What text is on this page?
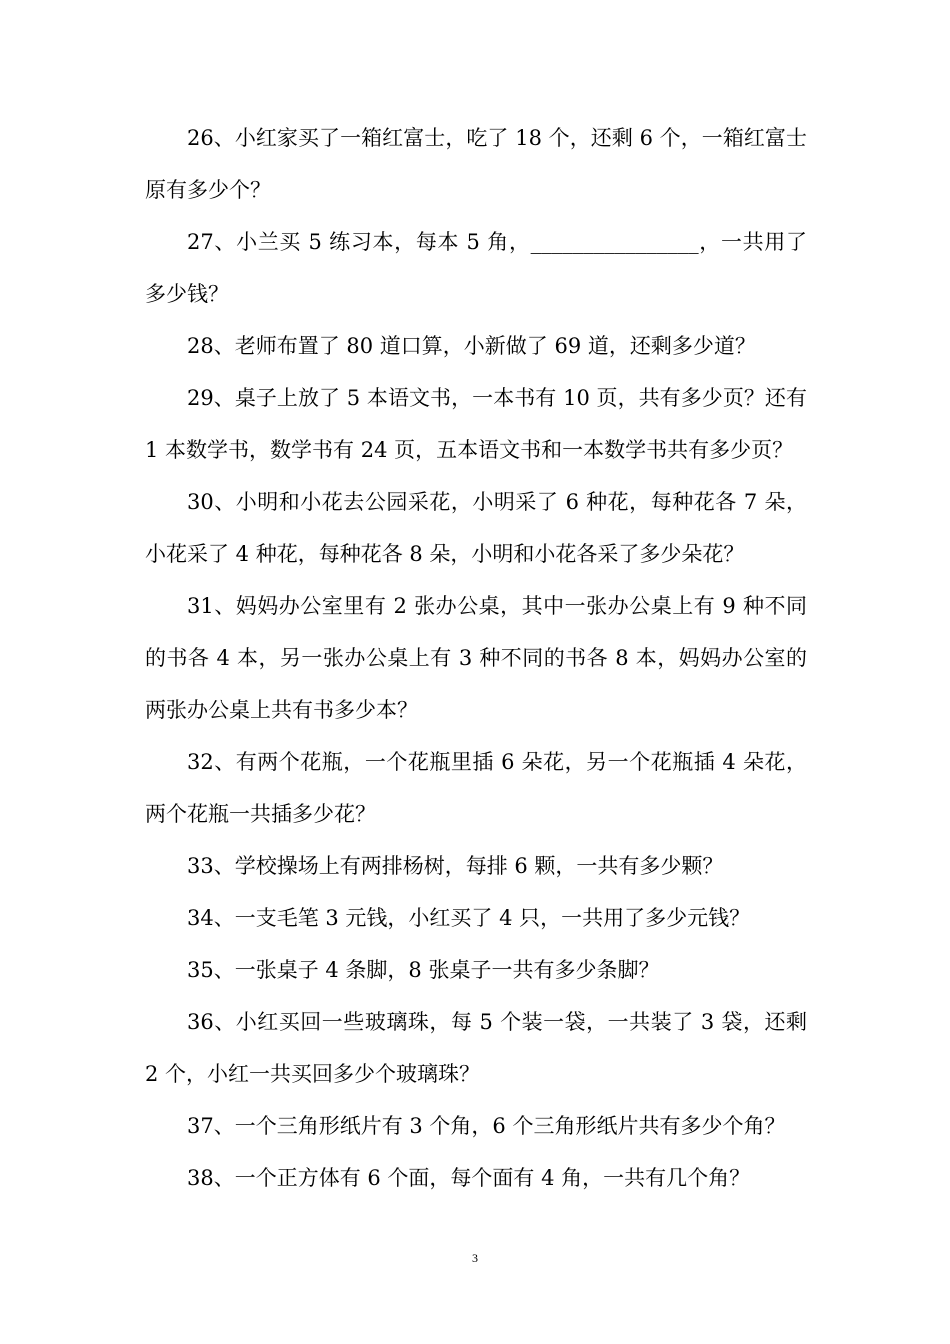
26、小红家买了一箱红富士，吃了 18 个，还剩 6 个，一箱红富士原有多少个？

27、小兰买 5 练习本，每本 5 角，________________，一共用了多少钱？

28、老师布置了 80 道口算，小新做了 69 道，还剩多少道？

29、桌子上放了 5 本语文书，一本书有 10 页，共有多少页？还有 1 本数学书，数学书有 24 页，五本语文书和一本数学书共有多少页？

30、小明和小花去公园采花，小明采了 6 种花，每种花各 7 朵，小花采了 4 种花，每种花各 8 朵，小明和小花各采了多少朵花？

31、妈妈办公室里有 2 张办公桌，其中一张办公桌上有 9 种不同的书各 4 本，另一张办公桌上有 3 种不同的书各 8 本，妈妈办公室的两张办公桌上共有书多少本？

32、有两个花瓶，一个花瓶里插 6 朵花，另一个花瓶插 4 朵花，两个花瓶一共插多少花？

33、学校操场上有两排杨树，每排 6 颗，一共有多少颗？

34、一支毛笔 3 元钱，小红买了 4 只，一共用了多少元钱？

35、一张桌子 4 条脚，8 张桌子一共有多少条脚？

36、小红买回一些玻璃珠，每 5 个装一袋，一共装了 3 袋，还剩 2 个，小红一共买回多少个玻璃珠？

37、一个三角形纸片有 3 个角，6 个三角形纸片共有多少个角？

38、一个正方体有 6 个面，每个面有 4 角，一共有几个角？

3
